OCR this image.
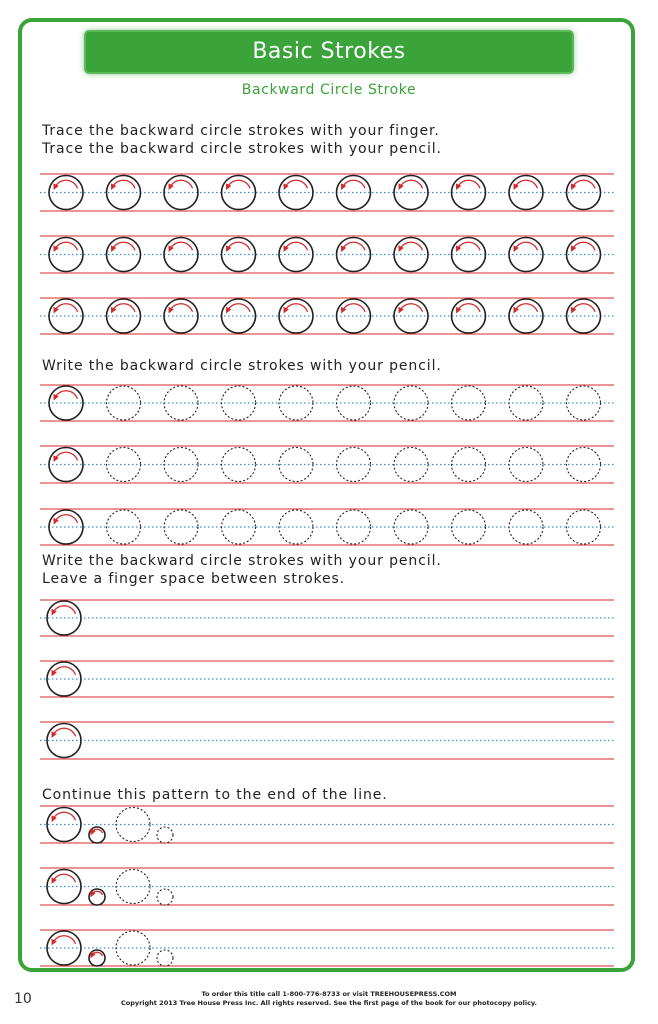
Basic Strokes
Backward Circle Stroke
Trace the backward circle strokes with your finger.
Trace the backward circle strokes with your pencil.
Write the backward circle strokes with your pencil.
Write the backward circle strokes with your pencil.
Leave a finger space between strokes.
Continue this pattern to the end of the line.
To order this title call 1-800-776-8733 or visit TREEHOUSEPRESS.COM
Copyright 2013 Tree House Press Inc. All rights reserved. See the first page of the book for our photocopy policy.
10
